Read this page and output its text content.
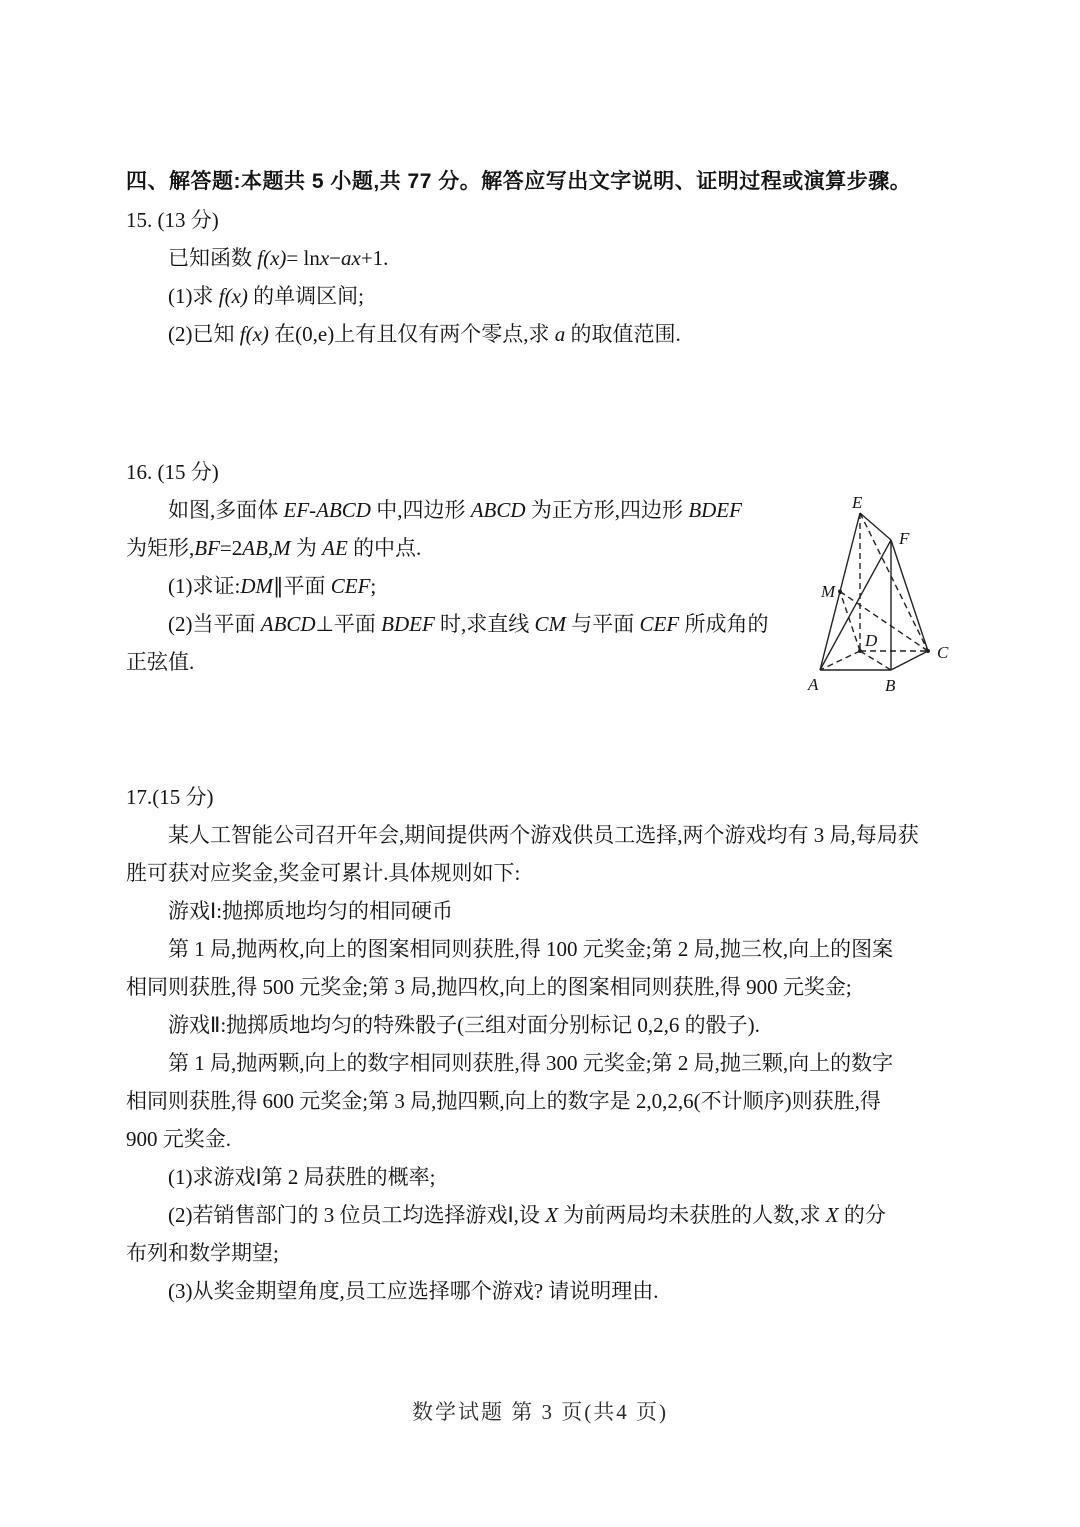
四、解答题:本题共 5 小题,共 77 分。解答应写出文字说明、证明过程或演算步骤。
15. (13 分)
已知函数 f(x)= lnx−ax+1.
(1)求 f(x) 的单调区间;
(2)已知 f(x) 在(0,e)上有且仅有两个零点,求 a 的取值范围.
16. (15 分)
如图,多面体 EF-ABCD 中,四边形 ABCD 为正方形,四边形 BDEF
为矩形,BF=2AB,M 为 AE 的中点.
(1)求证:DM∥平面 CEF;
(2)当平面 ABCD⊥平面 BDEF 时,求直线 CM 与平面 CEF 所成角的
正弦值.
17.(15 分)
某人工智能公司召开年会,期间提供两个游戏供员工选择,两个游戏均有 3 局,每局获
胜可获对应奖金,奖金可累计.具体规则如下:
游戏Ⅰ:抛掷质地均匀的相同硬币
第 1 局,抛两枚,向上的图案相同则获胜,得 100 元奖金;第 2 局,抛三枚,向上的图案
相同则获胜,得 500 元奖金;第 3 局,抛四枚,向上的图案相同则获胜,得 900 元奖金;
游戏Ⅱ:抛掷质地均匀的特殊骰子(三组对面分别标记 0,2,6 的骰子).
第 1 局,抛两颗,向上的数字相同则获胜,得 300 元奖金;第 2 局,抛三颗,向上的数字
相同则获胜,得 600 元奖金;第 3 局,抛四颗,向上的数字是 2,0,2,6(不计顺序)则获胜,得
900 元奖金.
(1)求游戏Ⅰ第 2 局获胜的概率;
(2)若销售部门的 3 位员工均选择游戏Ⅰ,设 X 为前两局均未获胜的人数,求 X 的分
布列和数学期望;
(3)从奖金期望角度,员工应选择哪个游戏? 请说明理由.
E
F
M
D
C
A	B
数学试题 第 3 页(共4 页)
